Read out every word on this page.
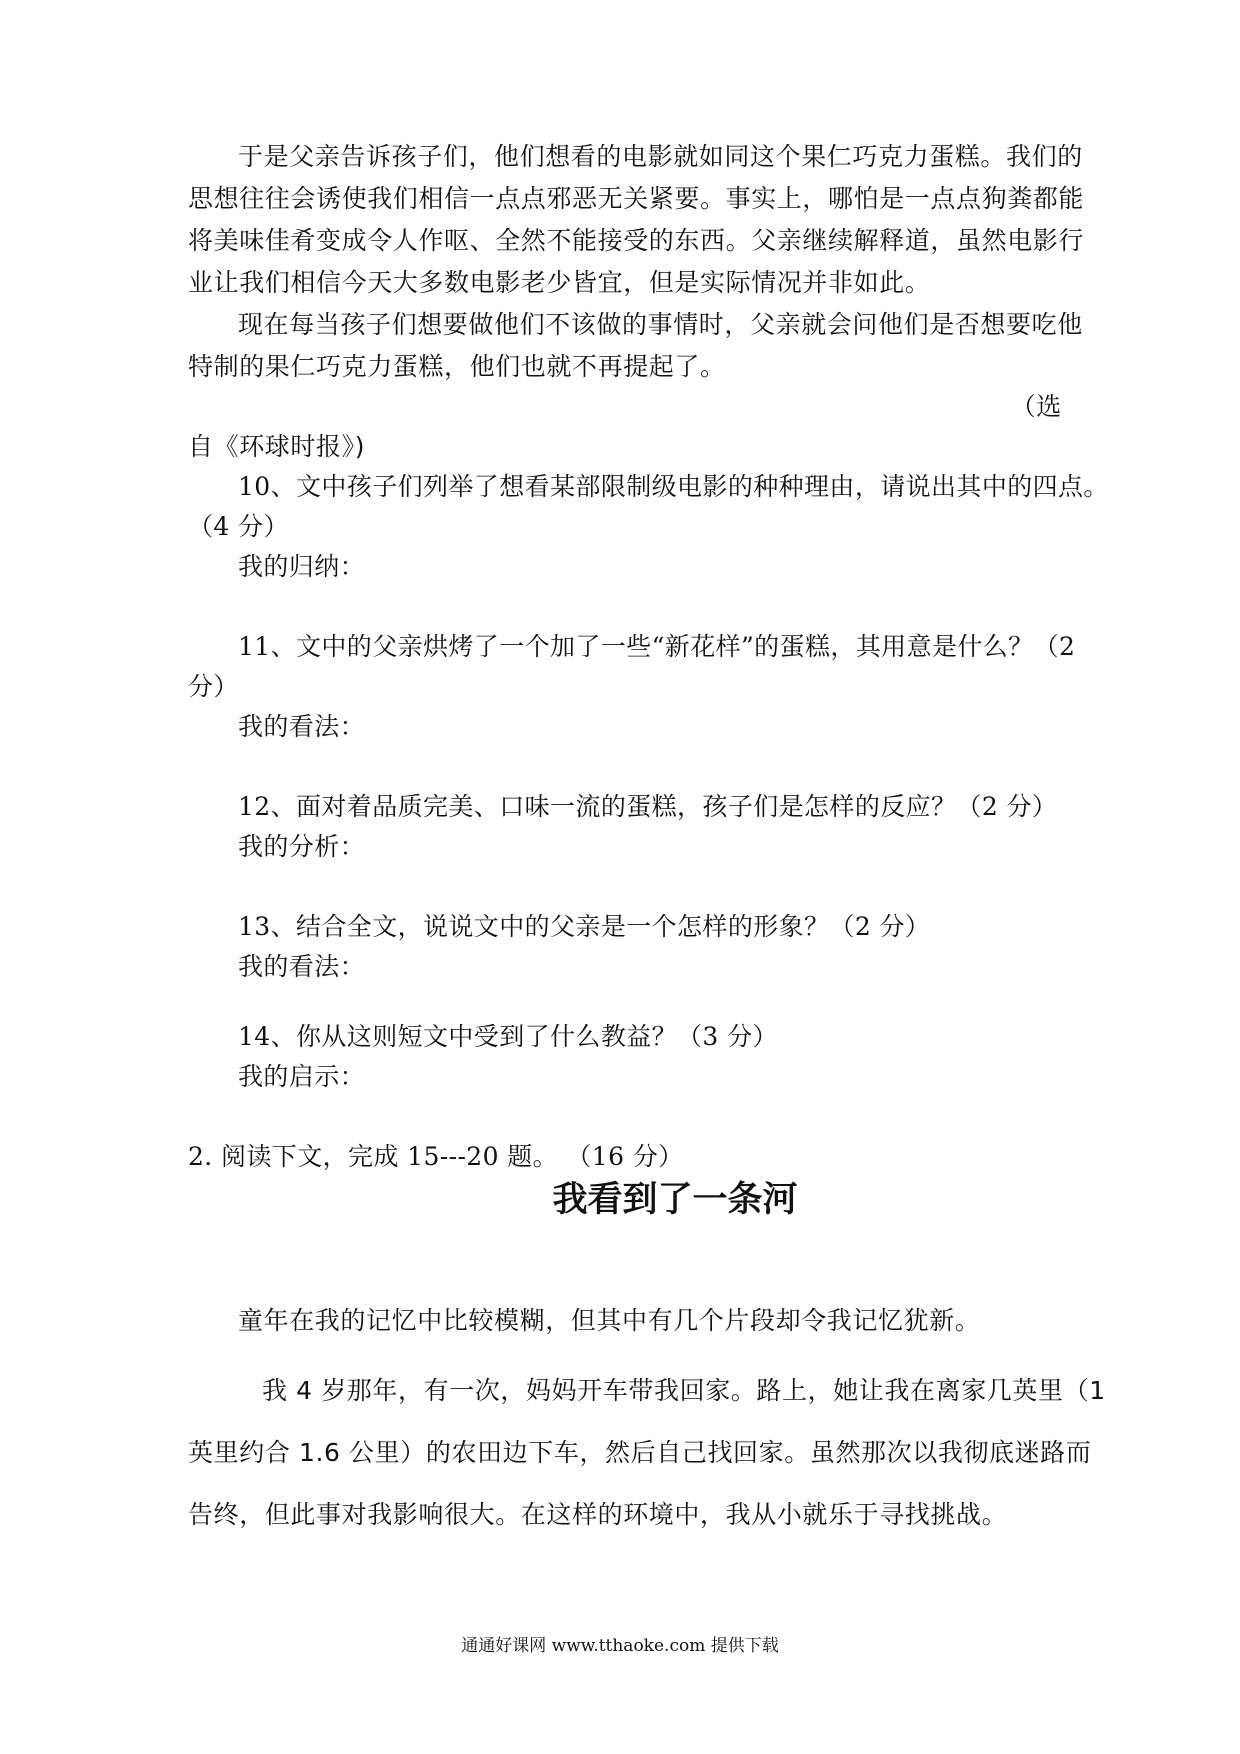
于是父亲告诉孩子们，他们想看的电影就如同这个果仁巧克力蛋糕。我们的
思想往往会诱使我们相信一点点邪恶无关紧要。事实上，哪怕是一点点狗粪都能
将美味佳肴变成令人作呕、全然不能接受的东西。父亲继续解释道，虽然电影行
业让我们相信今天大多数电影老少皆宜，但是实际情况并非如此。
现在每当孩子们想要做他们不该做的事情时，父亲就会问他们是否想要吃他
特制的果仁巧克力蛋糕，他们也就不再提起了。
（选
自《环球时报》)
10、文中孩子们列举了想看某部限制级电影的种种理由，请说出其中的四点。
（4 分）
我的归纳：
11、文中的父亲烘烤了一个加了一些“新花样”的蛋糕，其用意是什么？（2
分）
我的看法：
12、面对着品质完美、口味一流的蛋糕，孩子们是怎样的反应？（2 分）
我的分析：
13、结合全文，说说文中的父亲是一个怎样的形象？（2 分）
我的看法：
14、你从这则短文中受到了什么教益？（3 分）
我的启示：
2. 阅读下文，完成 15---20 题。 （16 分）
我看到了一条河
童年在我的记忆中比较模糊，但其中有几个片段却令我记忆犹新。
我 4 岁那年，有一次，妈妈开车带我回家。路上，她让我在离家几英里（1
英里约合 1.6 公里）的农田边下车，然后自己找回家。虽然那次以我彻底迷路而
告终，但此事对我影响很大。在这样的环境中，我从小就乐于寻找挑战。
通通好课网 www.tthaoke.com 提供下载
